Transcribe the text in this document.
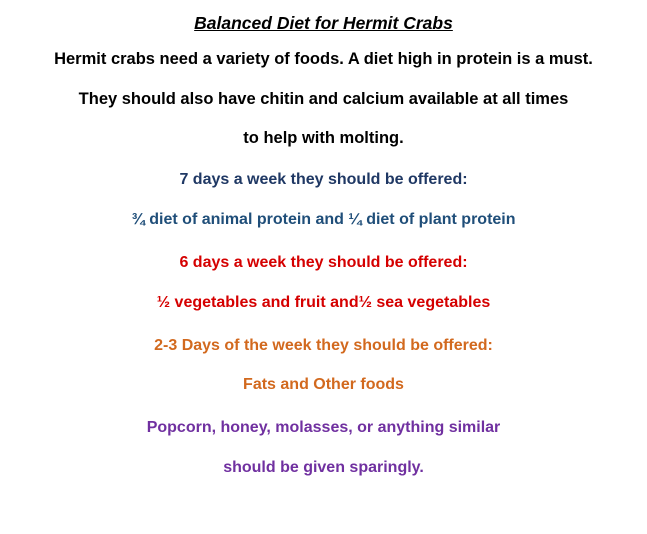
Balanced Diet for Hermit Crabs
Hermit crabs need a variety of foods. A diet high in protein is a must.
They should also have chitin and calcium available at all times
to help with molting.
7 days a week they should be offered:
¾ diet of animal protein and ¼ diet of plant protein
6 days a week they should be offered:
½ vegetables and fruit and½ sea vegetables
2-3 Days of the week they should be offered:
Fats and Other foods
Popcorn, honey, molasses, or anything similar
should be given sparingly.
